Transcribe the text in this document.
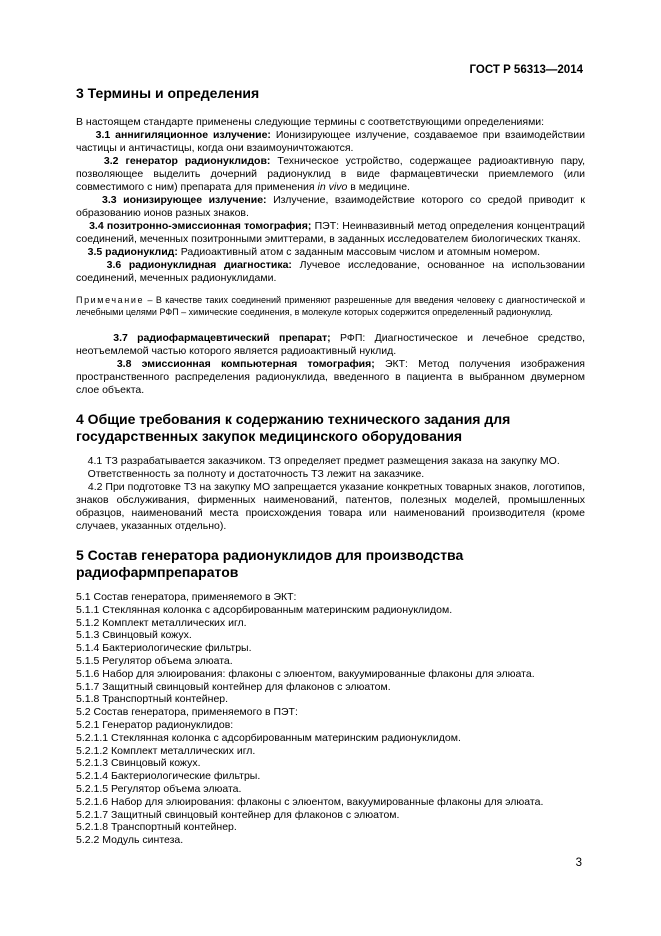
ГОСТ Р 56313—2014
3 Термины и определения
В настоящем стандарте применены следующие термины с соответствующими определениями:
3.1 аннигиляционное излучение: Ионизирующее излучение, создаваемое при взаимодействии частицы и античастицы, когда они взаимоуничтожаются.
3.2 генератор радионуклидов: Техническое устройство, содержащее радиоактивную пару, позволяющее выделить дочерний радионуклид в виде фармацевтически приемлемого (или совместимого с ним) препарата для применения in vivo в медицине.
3.3 ионизирующее излучение: Излучение, взаимодействие которого со средой приводит к образованию ионов разных знаков.
3.4 позитронно-эмиссионная томография; ПЭТ: Неинвазивный метод определения концентраций соединений, меченных позитронными эмиттерами, в заданных исследователем биологических тканях.
3.5 радионуклид: Радиоактивный атом с заданным массовым числом и атомным номером.
3.6 радионуклидная диагностика: Лучевое исследование, основанное на использовании соединений, меченных радионуклидами.
Примечание – В качестве таких соединений применяют разрешенные для введения человеку с диагностической и лечебными целями РФП – химические соединения, в молекуле которых содержится определенный радионуклид.
3.7 радиофармацевтический препарат; РФП: Диагностическое и лечебное средство, неотъемлемой частью которого является радиоактивный нуклид.
3.8 эмиссионная компьютерная томография; ЭКТ: Метод получения изображения пространственного распределения радионуклида, введенного в пациента в выбранном двумерном слое объекта.
4 Общие требования к содержанию технического задания для государственных закупок медицинского оборудования
4.1 ТЗ разрабатывается заказчиком. ТЗ определяет предмет размещения заказа на закупку МО.
Ответственность за полноту и достаточность ТЗ лежит на заказчике.
4.2 При подготовке ТЗ на закупку МО запрещается указание конкретных товарных знаков, логотипов, знаков обслуживания, фирменных наименований, патентов, полезных моделей, промышленных образцов, наименований места происхождения товара или наименований производителя (кроме случаев, указанных отдельно).
5 Состав генератора радионуклидов для производства радиофармпрепаратов
5.1 Состав генератора, применяемого в ЭКТ:
5.1.1 Стеклянная колонка с адсорбированным материнским радионуклидом.
5.1.2 Комплект металлических игл.
5.1.3 Свинцовый кожух.
5.1.4 Бактериологические фильтры.
5.1.5 Регулятор объема элюата.
5.1.6 Набор для элюирования: флаконы с элюентом, вакуумированные флаконы для элюата.
5.1.7 Защитный свинцовый контейнер для флаконов с элюатом.
5.1.8 Транспортный контейнер.
5.2 Состав генератора, применяемого в ПЭТ:
5.2.1 Генератор радионуклидов:
5.2.1.1 Стеклянная колонка с адсорбированным материнским радионуклидом.
5.2.1.2 Комплект металлических игл.
5.2.1.3 Свинцовый кожух.
5.2.1.4 Бактериологические фильтры.
5.2.1.5 Регулятор объема элюата.
5.2.1.6 Набор для элюирования: флаконы с элюентом, вакуумированные флаконы для элюата.
5.2.1.7 Защитный свинцовый контейнер для флаконов с элюатом.
5.2.1.8 Транспортный контейнер.
5.2.2 Модуль синтеза.
3
